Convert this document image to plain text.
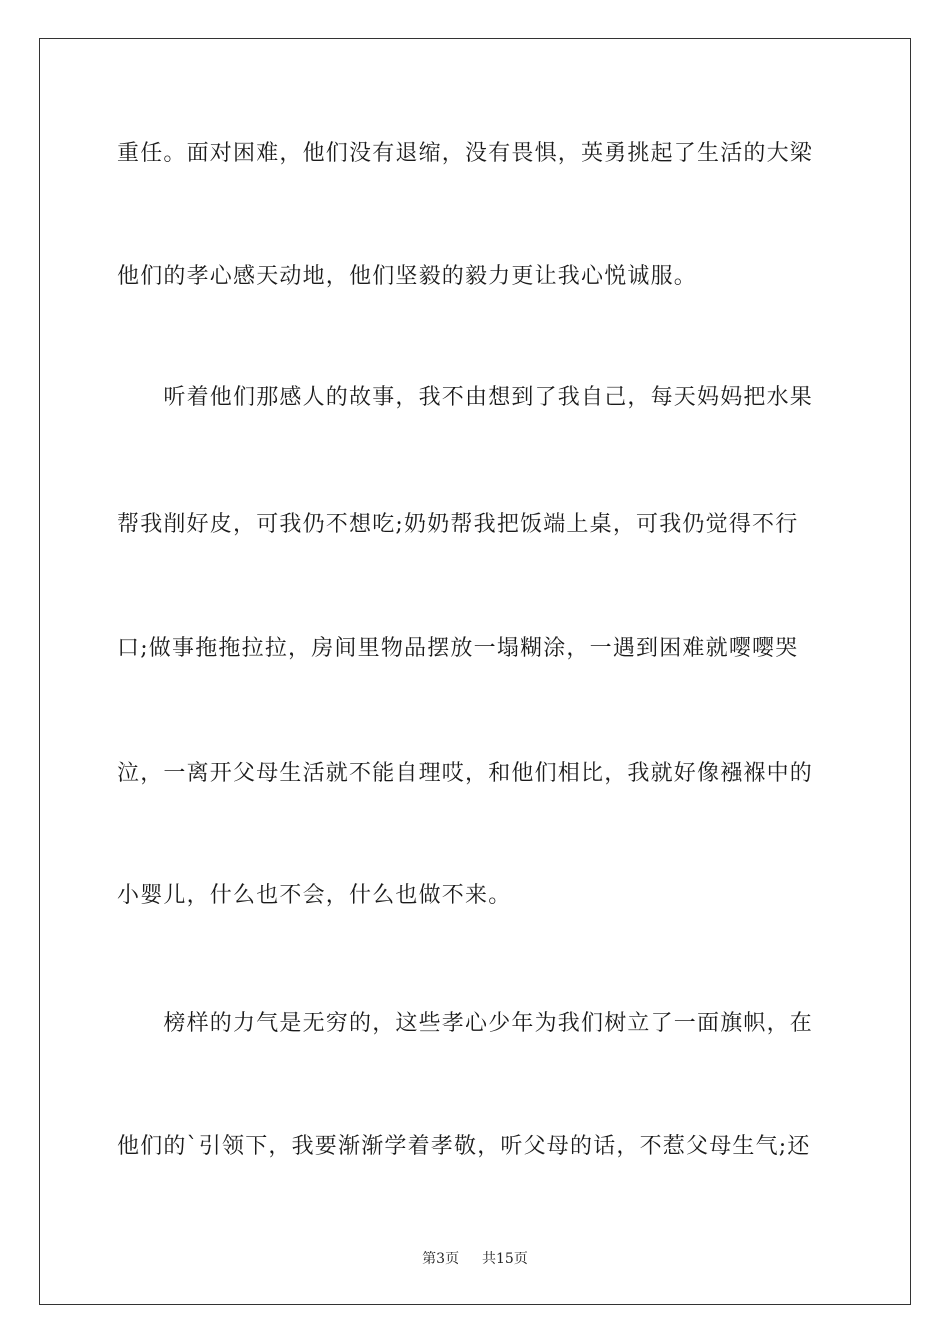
重任。面对困难，他们没有退缩，没有畏惧，英勇挑起了生活的大梁
他们的孝心感天动地，他们坚毅的毅力更让我心悦诚服。
　　听着他们那感人的故事，我不由想到了我自己，每天妈妈把水果
帮我削好皮，可我仍不想吃;奶奶帮我把饭端上桌，可我仍觉得不行
口;做事拖拖拉拉，房间里物品摆放一塌糊涂，一遇到困难就嘤嘤哭
泣，一离开父母生活就不能自理哎，和他们相比，我就好像襁褓中的
小婴儿，什么也不会，什么也做不来。
　　榜样的力气是无穷的，这些孝心少年为我们树立了一面旗帜，在
他们的`引领下，我要渐渐学着孝敬，听父母的话，不惹父母生气;还
第3页 共15页
